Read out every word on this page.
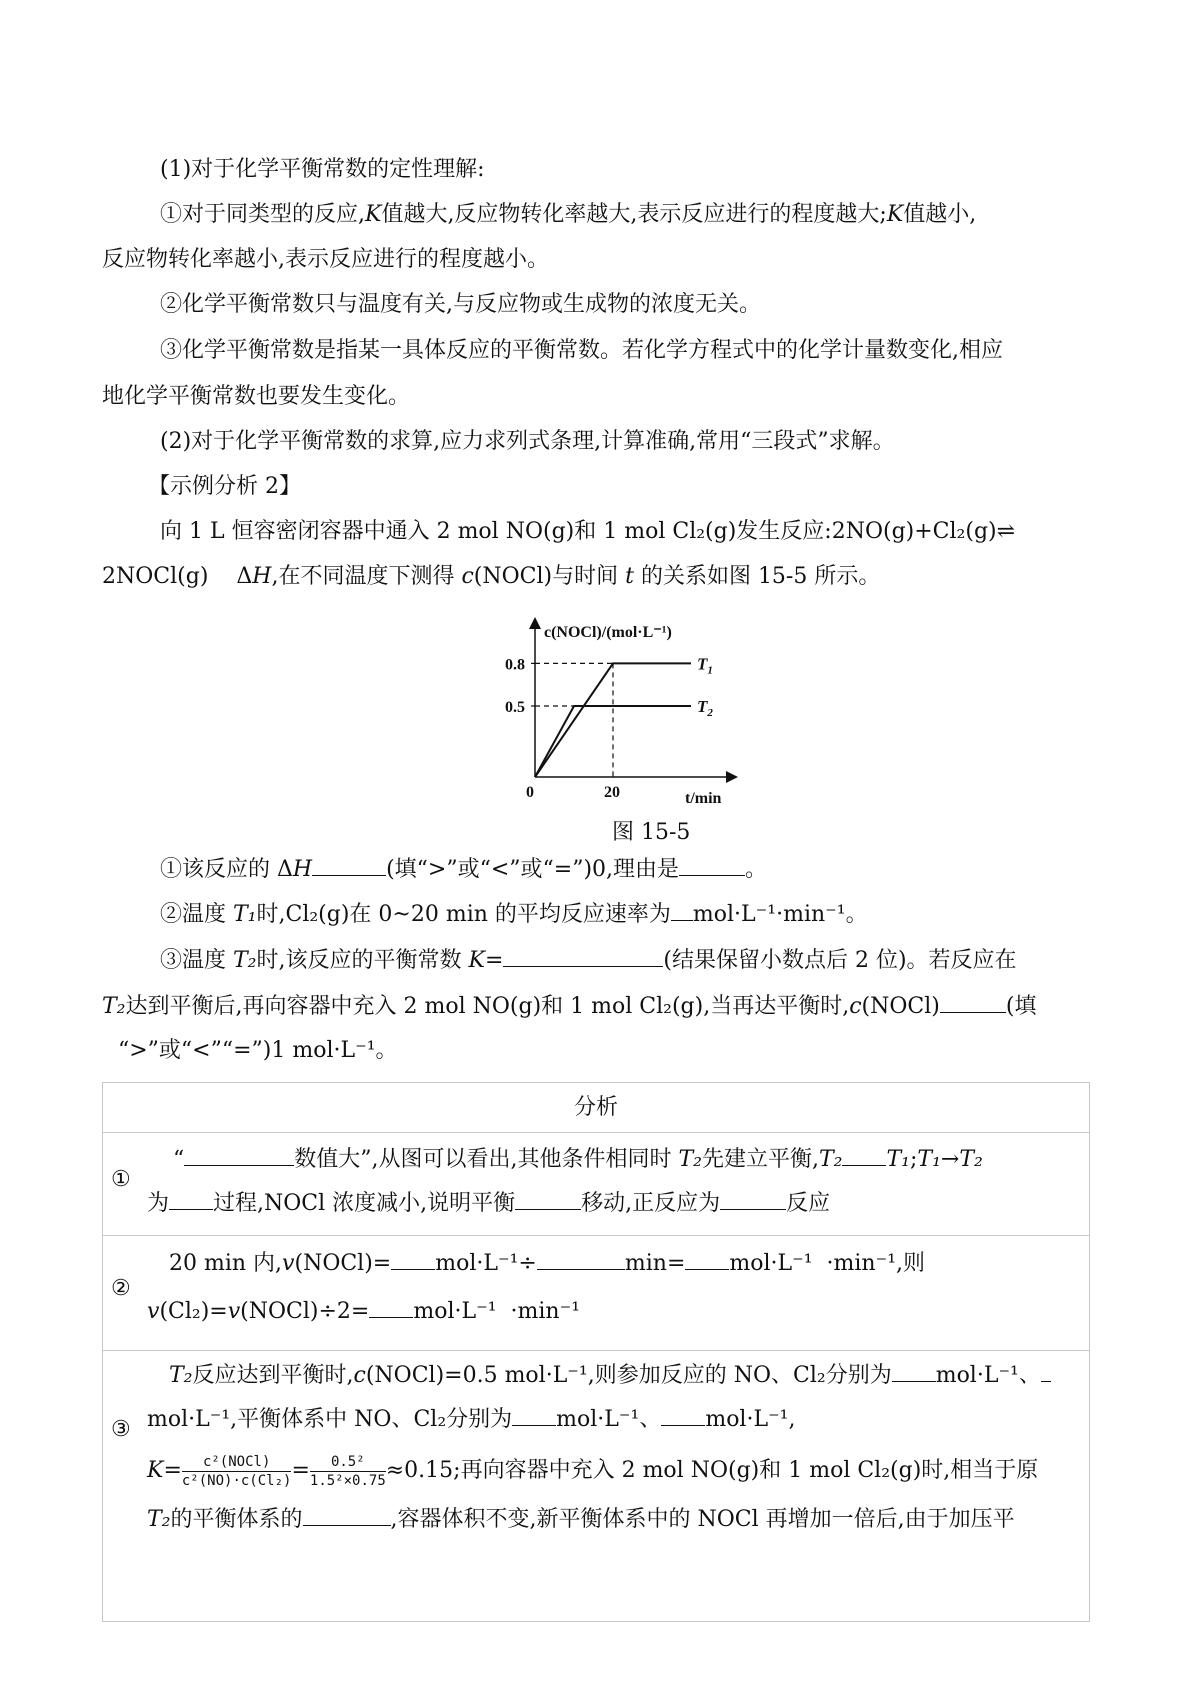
(1)对于化学平衡常数的定性理解:
①对于同类型的反应,K值越大,反应物转化率越大,表示反应进行的程度越大;K值越小,
反应物转化率越小,表示反应进行的程度越小。
②化学平衡常数只与温度有关,与反应物或生成物的浓度无关。
③化学平衡常数是指某一具体反应的平衡常数。若化学方程式中的化学计量数变化,相应
地化学平衡常数也要发生变化。
(2)对于化学平衡常数的求算,应力求列式条理,计算准确,常用“三段式”求解。
【示例分析 2】
向 1 L 恒容密闭容器中通入 2 mol NO(g)和 1 mol Cl₂(g)发生反应:2NO(g)+Cl₂(g)⇌
2NOCl(g)    ΔH,在不同温度下测得 c(NOCl)与时间 t 的关系如图 15-5 所示。
$T_1$
$T_2$
0.8
0.5
20
c(NOCl)/(mol·L⁻¹)
t/min
0
图 15-5
①该反应的 ΔH	(填“>”或“<”或“=”)0,理由是	。
②温度 T₁时,Cl₂(g)在 0~20 min 的平均反应速率为 mol·L⁻¹·min⁻¹。
③温度 T₂时,该反应的平衡常数 K=	(结果保留小数点后 2 位)。若反应在
T₂达到平衡后,再向容器中充入 2 mol NO(g)和 1 mol Cl₂(g),当再达平衡时,c(NOCl)	(填
“>”或“<”“=”)1 mol·L⁻¹。
分析
①
“	数值大”,从图可以看出,其他条件相同时 T₂先建立平衡,T₂ T₁;T₁→T₂
为 过程,NOCl 浓度减小,说明平衡	移动,正反应为	反应
②
20 min 内,v(NOCl)= mol·L⁻¹÷	min= mol·L⁻¹  ·min⁻¹,则
v(Cl₂)=v(NOCl)÷2= mol·L⁻¹  ·min⁻¹
③
T₂反应达到平衡时,c(NOCl)=0.5 mol·L⁻¹,则参加反应的 NO、Cl₂分别为 mol·L⁻¹、
mol·L⁻¹,平衡体系中 NO、Cl₂分别为 mol·L⁻¹、 mol·L⁻¹,
$K= \frac{\text{c²(NOCl)}}{\text{c²(NO)·c(Cl₂)}} = \frac{\text{0.5²}}{\text{1.5²×0.75}} \approx 0.15$;再向容器中充入 2 mol NO(g)和 1 mol Cl₂(g)时,相当于原
T₂的平衡体系的	,容器体积不变,新平衡体系中的 NOCl 再增加一倍后,由于加压平
